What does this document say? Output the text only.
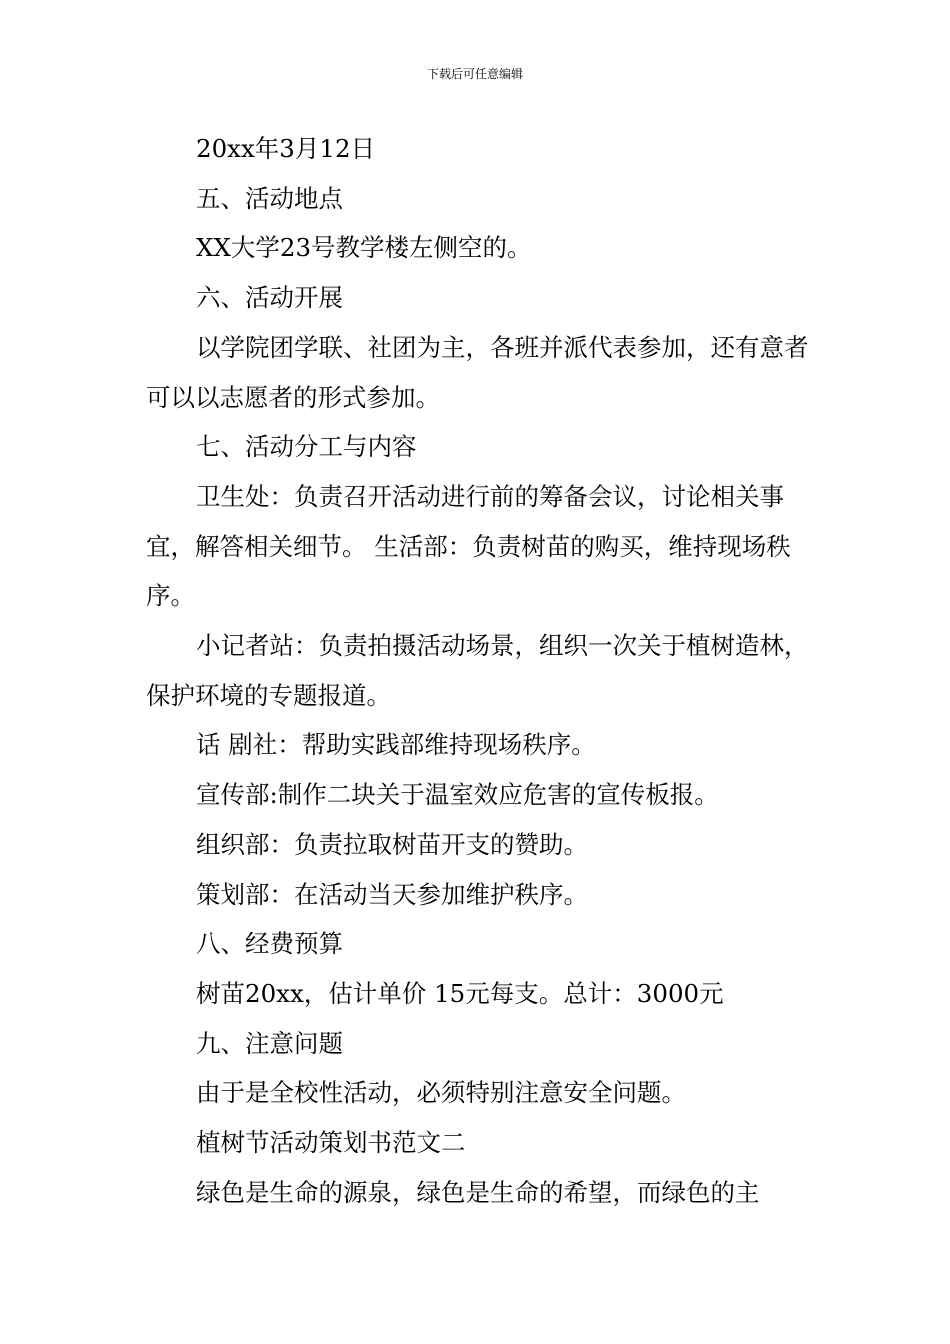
下载后可任意编辑

20xx年3月12日

五、活动地点

XX大学23号教学楼左侧空的。

六、活动开展

以学院团学联、社团为主，各班并派代表参加，还有意者可以以志愿者的形式参加。

七、活动分工与内容

卫生处：负责召开活动进行前的筹备会议，讨论相关事宜，解答相关细节。 生活部：负责树苗的购买，维持现场秩序。

小记者站：负责拍摄活动场景，组织一次关于植树造林，保护环境的专题报道。

话 剧社：帮助实践部维持现场秩序。

宣传部:制作二块关于温室效应危害的宣传板报。

组织部：负责拉取树苗开支的赞助。

策划部：在活动当天参加维护秩序。

八、经费预算

树苗20xx，估计单价 15元每支。总计：3000元

九、注意问题

由于是全校性活动，必须特别注意安全问题。

植树节活动策划书范文二

绿色是生命的源泉，绿色是生命的希望，而绿色的主
